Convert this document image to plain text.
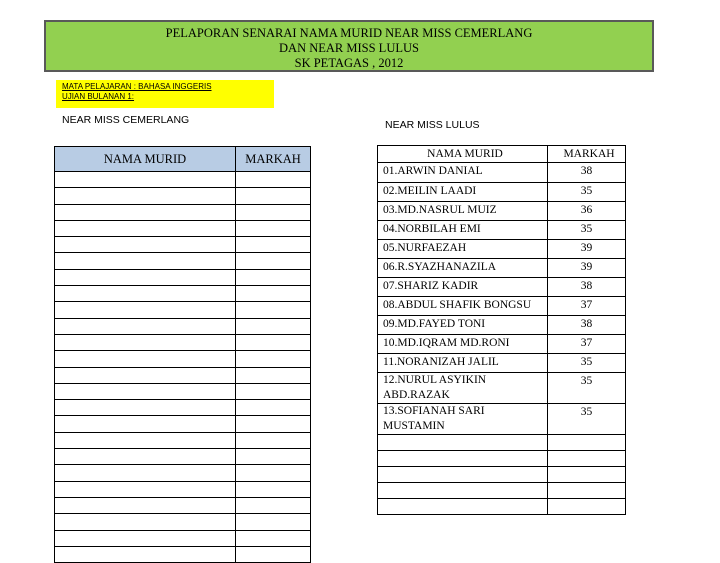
PELAPORAN SENARAI NAMA MURID NEAR MISS CEMERLANG
DAN NEAR MISS LULUS
SK PETAGAS , 2012
MATA PELAJARAN : BAHASA INGGERIS
UJIAN BULANAN 1:
NEAR MISS CEMERLANG	NEAR MISS LULUS
NAMA MURID	MARKAH

		NAMA MURID	MARKAH
01.ARWIN DANIAL	38
02.MEILIN LAADI	35
03.MD.NASRUL MUIZ	36
04.NORBILAH EMI	35
05.NURFAEZAH	39
06.R.SYAZHANAZILA	39
07.SHARIZ KADIR	38
08.ABDUL SHAFIK BONGSU	37
09.MD.FAYED TONI	38
10.MD.IQRAM MD.RONI	37
11.NORANIZAH JALIL	35
12.NURUL ASYIKIN ABD.RAZAK	35
13.SOFIANAH SARI MUSTAMIN	35
